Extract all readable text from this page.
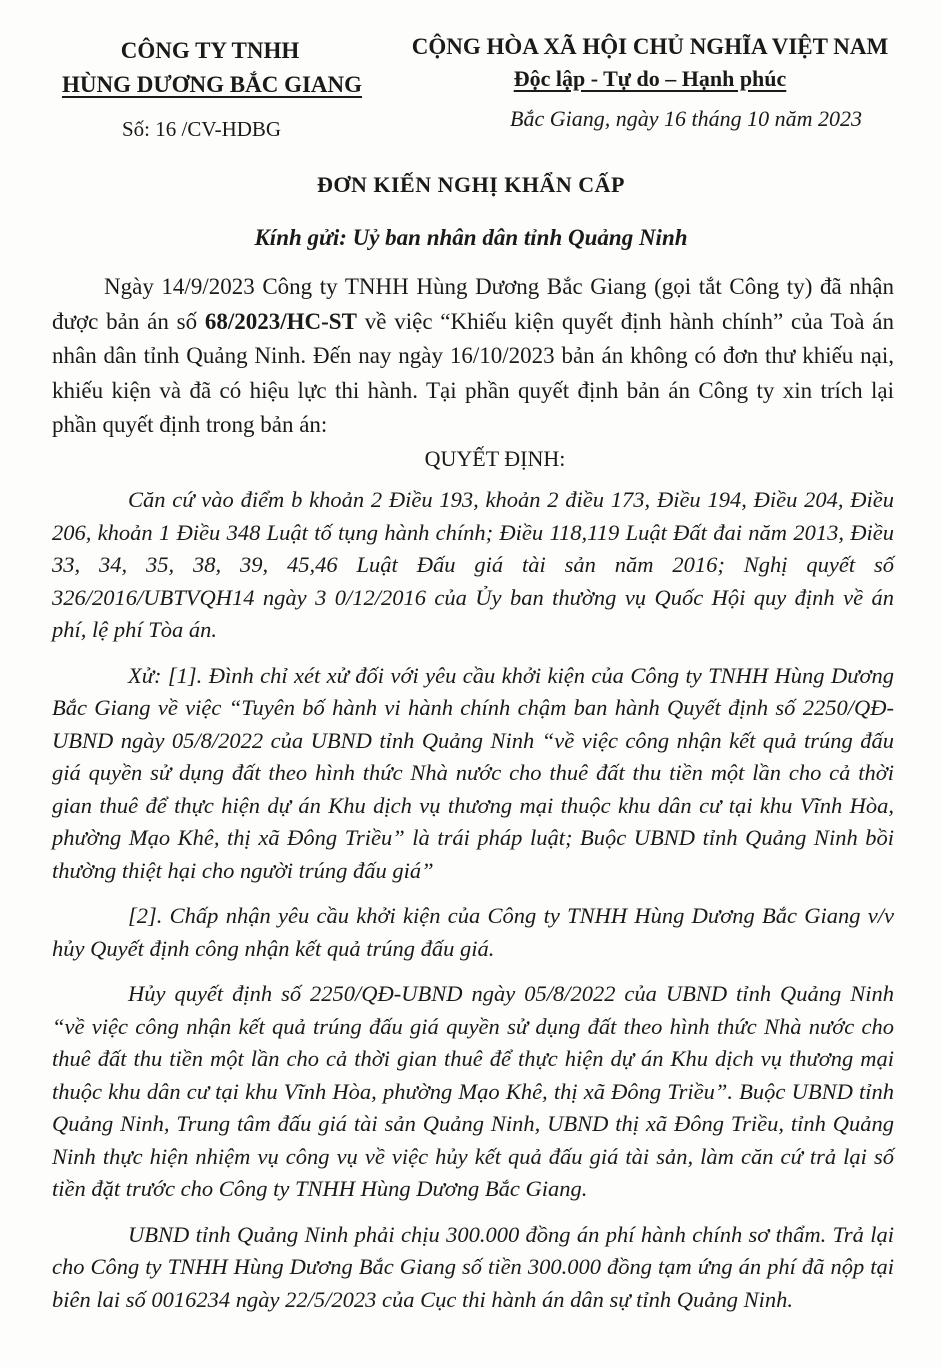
CÔNG TY TNHH
HÙNG DƯƠNG BẮC GIANG
Số: 16 /CV-HDBG
CỘNG HÒA XÃ HỘI CHỦ NGHĨA VIỆT NAM
Độc lập - Tự do – Hạnh phúc
Bắc Giang, ngày 16 tháng 10 năm 2023
ĐƠN KIẾN NGHỊ KHẨN CẤP
Kính gửi: Uỷ ban nhân dân tỉnh Quảng Ninh

Ngày 14/9/2023 Công ty TNHH Hùng Dương Bắc Giang (gọi tắt Công ty) đã nhận được bản án số 68/2023/HC-ST về việc “Khiếu kiện quyết định hành chính” của Toà án nhân dân tỉnh Quảng Ninh. Đến nay ngày 16/10/2023 bản án không có đơn thư khiếu nại, khiếu kiện và đã có hiệu lực thi hành. Tại phần quyết định bản án Công ty xin trích lại phần quyết định trong bản án:

QUYẾT ĐỊNH:

Căn cứ vào điểm b khoản 2 Điều 193, khoản 2 điều 173, Điều 194, Điều 204, Điều 206, khoản 1 Điều 348 Luật tố tụng hành chính; Điều 118,119 Luật Đất đai năm 2013, Điều 33, 34, 35, 38, 39, 45,46 Luật Đấu giá tài sản năm 2016; Nghị quyết số 326/2016/UBTVQH14 ngày 3 0/12/2016 của Ủy ban thường vụ Quốc Hội quy định về án phí, lệ phí Tòa án.

Xử: [1]. Đình chỉ xét xử đối với yêu cầu khởi kiện của Công ty TNHH Hùng Dương Bắc Giang về việc “Tuyên bố hành vi hành chính chậm ban hành Quyết định số 2250/QĐ-UBND ngày 05/8/2022 của UBND tỉnh Quảng Ninh “về việc công nhận kết quả trúng đấu giá quyền sử dụng đất theo hình thức Nhà nước cho thuê đất thu tiền một lần cho cả thời gian thuê để thực hiện dự án Khu dịch vụ thương mại thuộc khu dân cư tại khu Vĩnh Hòa, phường Mạo Khê, thị xã Đông Triều” là trái pháp luật; Buộc UBND tỉnh Quảng Ninh bồi thường thiệt hại cho người trúng đấu giá”

[2]. Chấp nhận yêu cầu khởi kiện của Công ty TNHH Hùng Dương Bắc Giang v/v hủy Quyết định công nhận kết quả trúng đấu giá.

Hủy quyết định số 2250/QĐ-UBND ngày 05/8/2022 của UBND tỉnh Quảng Ninh “về việc công nhận kết quả trúng đấu giá quyền sử dụng đất theo hình thức Nhà nước cho thuê đất thu tiền một lần cho cả thời gian thuê để thực hiện dự án Khu dịch vụ thương mại thuộc khu dân cư tại khu Vĩnh Hòa, phường Mạo Khê, thị xã Đông Triều”. Buộc UBND tỉnh Quảng Ninh, Trung tâm đấu giá tài sản Quảng Ninh, UBND thị xã Đông Triều, tỉnh Quảng Ninh thực hiện nhiệm vụ công vụ về việc hủy kết quả đấu giá tài sản, làm căn cứ trả lại số tiền đặt trước cho Công ty TNHH Hùng Dương Bắc Giang.

UBND tỉnh Quảng Ninh phải chịu 300.000 đồng án phí hành chính sơ thẩm. Trả lại cho Công ty TNHH Hùng Dương Bắc Giang số tiền 300.000 đồng tạm ứng án phí đã nộp tại biên lai số 0016234 ngày 22/5/2023 của Cục thi hành án dân sự tỉnh Quảng Ninh.
